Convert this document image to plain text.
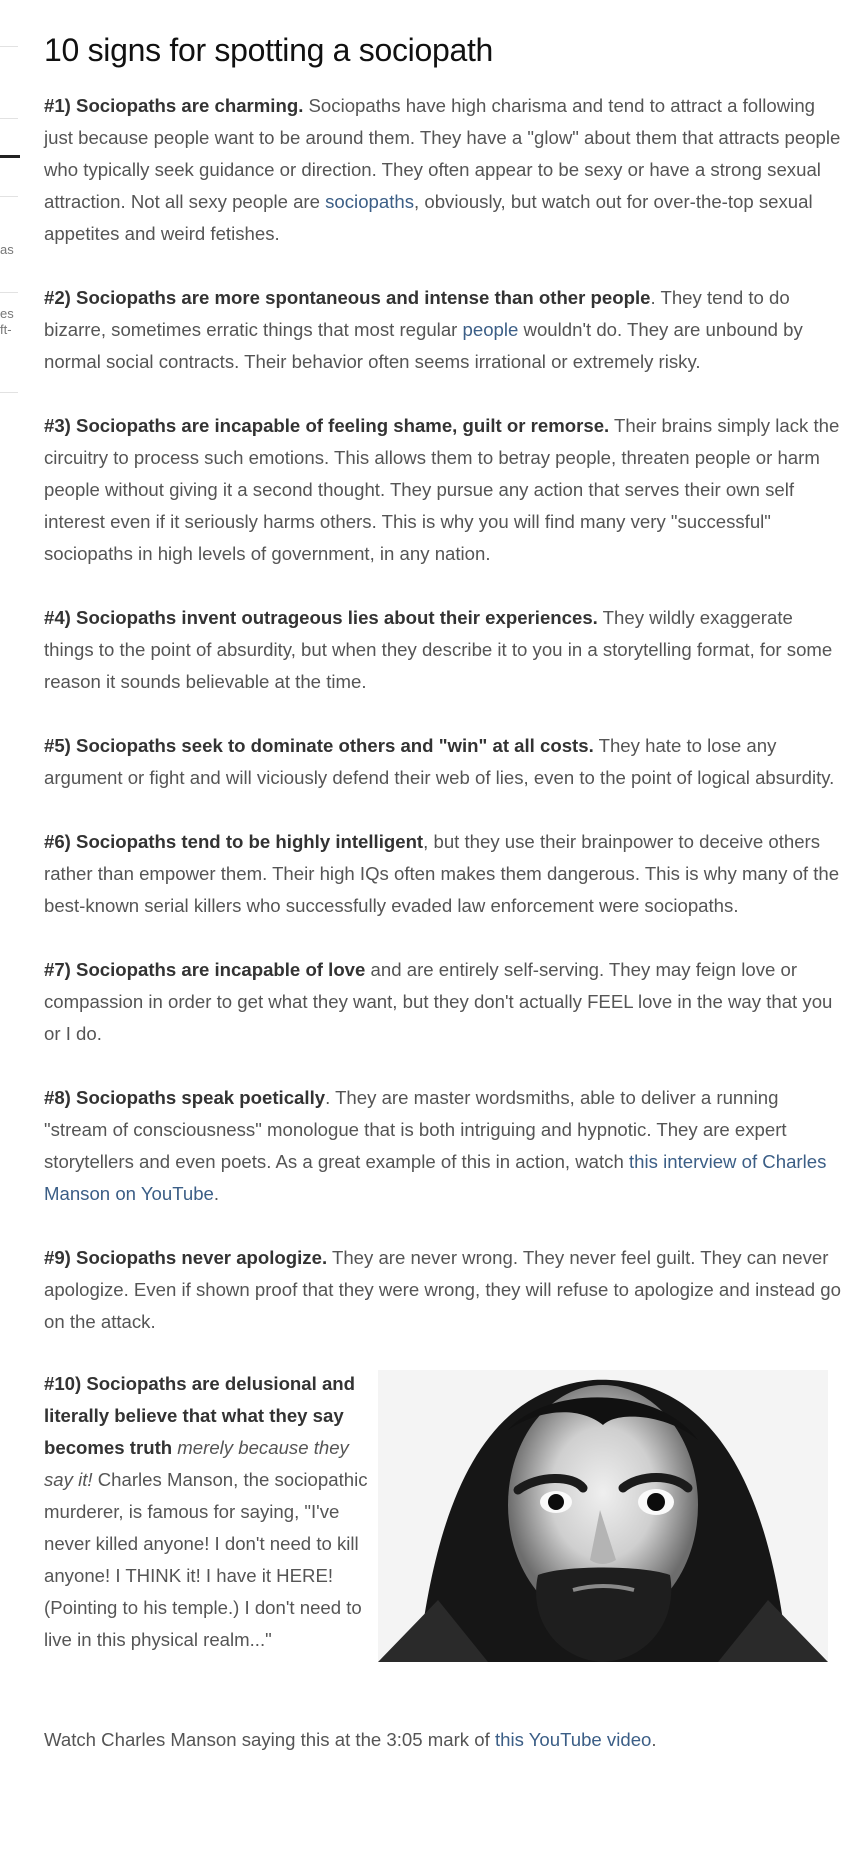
as
es
ft-
10 signs for spotting a sociopath

#1) Sociopaths are charming. Sociopaths have high charisma and tend to attract a following just because people want to be around them. They have a "glow" about them that attracts people who typically seek guidance or direction. They often appear to be sexy or have a strong sexual attraction. Not all sexy people are sociopaths, obviously, but watch out for over-the-top sexual appetites and weird fetishes.

#2) Sociopaths are more spontaneous and intense than other people. They tend to do bizarre, sometimes erratic things that most regular people wouldn't do. They are unbound by normal social contracts. Their behavior often seems irrational or extremely risky.

#3) Sociopaths are incapable of feeling shame, guilt or remorse. Their brains simply lack the circuitry to process such emotions. This allows them to betray people, threaten people or harm people without giving it a second thought. They pursue any action that serves their own self interest even if it seriously harms others. This is why you will find many very "successful" sociopaths in high levels of government, in any nation.

#4) Sociopaths invent outrageous lies about their experiences. They wildly exaggerate things to the point of absurdity, but when they describe it to you in a storytelling format, for some reason it sounds believable at the time.

#5) Sociopaths seek to dominate others and "win" at all costs. They hate to lose any argument or fight and will viciously defend their web of lies, even to the point of logical absurdity.

#6) Sociopaths tend to be highly intelligent, but they use their brainpower to deceive others rather than empower them. Their high IQs often makes them dangerous. This is why many of the best-known serial killers who successfully evaded law enforcement were sociopaths.

#7) Sociopaths are incapable of love and are entirely self-serving. They may feign love or compassion in order to get what they want, but they don't actually FEEL love in the way that you or I do.

#8) Sociopaths speak poetically. They are master wordsmiths, able to deliver a running "stream of consciousness" monologue that is both intriguing and hypnotic. They are expert storytellers and even poets. As a great example of this in action, watch this interview of Charles Manson on YouTube.

#9) Sociopaths never apologize. They are never wrong. They never feel guilt. They can never apologize. Even if shown proof that they were wrong, they will refuse to apologize and instead go on the attack.

#10) Sociopaths are delusional and literally believe that what they say becomes truth merely because they say it! Charles Manson, the sociopathic murderer, is famous for saying, "I've never killed anyone! I don't need to kill anyone! I THINK it! I have it HERE! (Pointing to his temple.) I don't need to live in this physical realm..."

Watch Charles Manson saying this at the 3:05 mark of this YouTube video.
